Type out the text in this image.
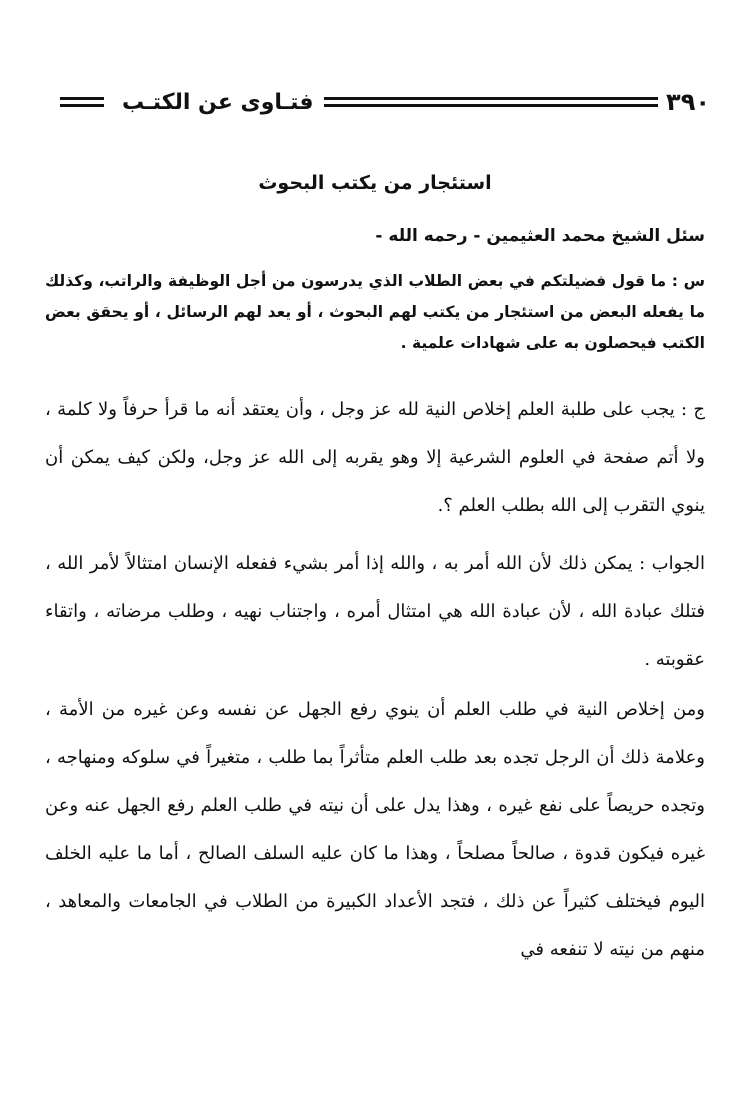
٣٩٠
فتـاوى عن الكتـب
استئجار من يكتب البحوث
سئل الشيخ محمد العثيمين - رحمه الله -
س : ما قول فضيلتكم في بعض الطلاب الذي يدرسون من أجل الوظيفة والراتب، وكذلك ما يفعله البعض من استئجار من يكتب لهم البحوث ، أو يعد لهم الرسائل ، أو يحقق بعض الكتب فيحصلون به على شهادات علمية .
ج : يجب على طلبة العلم إخلاص النية لله عز وجل ، وأن يعتقد أنه ما قرأ حرفاً ولا كلمة ، ولا أتم صفحة في العلوم الشرعية إلا وهو يقربه إلى الله عز وجل، ولكن كيف يمكن أن ينوي التقرب إلى الله بطلب العلم ؟.
الجواب : يمكن ذلك لأن الله أمر به ، والله إذا أمر بشيء ففعله الإنسان امتثالاً لأمر الله ، فتلك عبادة الله ، لأن عبادة الله هي امتثال أمره ، واجتناب نهيه ، وطلب مرضاته ، واتقاء عقوبته .
ومن إخلاص النية في طلب العلم أن ينوي رفع الجهل عن نفسه وعن غيره من الأمة ، وعلامة ذلك أن الرجل تجده بعد طلب العلم متأثراً بما طلب ، متغيراً في سلوكه ومنهاجه ، وتجده حريصاً على نفع غيره ، وهذا يدل على أن نيته في طلب العلم رفع الجهل عنه وعن غيره فيكون قدوة ، صالحاً مصلحاً ، وهذا ما كان عليه السلف الصالح ، أما ما عليه الخلف اليوم فيختلف كثيراً عن ذلك ، فتجد الأعداد الكبيرة من الطلاب في الجامعات والمعاهد ، منهم من نيته لا تنفعه في
